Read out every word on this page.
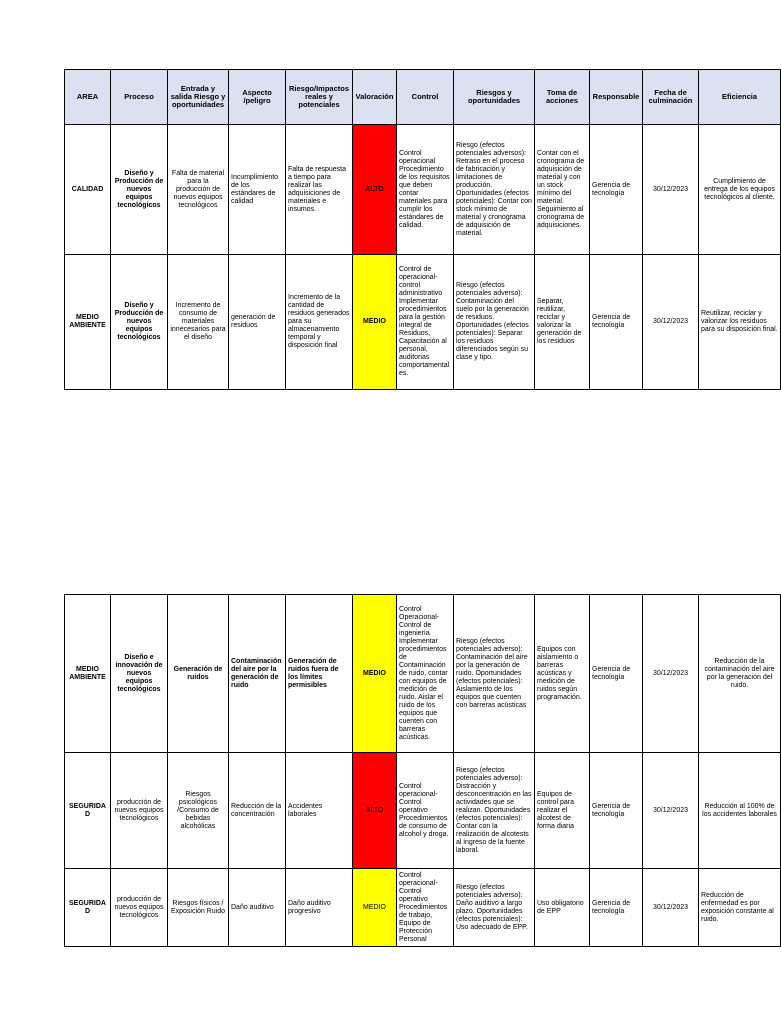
AREA	Proceso	Entrada y salida Riesgo y oportunidades	Aspecto /peligro	Riesgo/Impactos reales y potenciales	Valoración	Control	Riesgos y oportunidades	Toma de acciones	Responsable	Fecha de culminación	Eficiencia
CALIDAD	Diseño y Producción de nuevos equipos tecnológicos	Falta de material para la producción de nuevos equipos tecnológicos	Incumplimiento de los estándares de calidad	Falta de respuesta a tiempo para realizar las adquisiciones de materiales e insumos.	ALTO	Control operacional Procedimiento de los requisitos que deben contar materiales para cumplir los estándares de calidad.	Riesgo (efectos potenciales adversos): Retraso en el proceso de fabricación y limitaciones de producción. Oportunidades (efectos potenciales): Contar con stock mínimo de material y cronograma de adquisición de material.	Contar con el cronograma de adquisición de material y con un stock mínimo del material. Seguimiento al cronograma de adquisiciones.	Gerencia de tecnología	30/12/2023	Cumplimiento de entrega de los equipos tecnológicos al cliente.
MEDIO AMBIENTE	Diseño y Producción de nuevos equipos tecnológicos	Incremento de consumo de materiales innecesarios para el diseño	generación de residuos	Incremento de la cantidad de residuos generados para su almacenamiento temporal y disposición final	MEDIO	Control de operacional-control administrativo Implementar procedimientos para la gestión integral de Residuos, Capacitación al personal, auditorias comportamentales.	Riesgo (efectos potenciales adverso): Contaminación del suelo por la generación de residuos. Oportunidades (efectos potenciales): Separar los residuos diferenciados según su clase y tipo.	Separar, reutilizar, reciclar y valorizar la generación de los residuos	Gerencia de tecnología	30/12/2023	Reutilizar, reciclar y valorizar los residuos para su disposición final.
MEDIO AMBIENTE	Diseño e innovación de nuevos equipos tecnológicos	Generación de ruidos	Contaminación del aire por la generación de ruido	Generación de ruidos fuera de los límites permisibles	MEDIO	Control Operacional-Control de ingeniería Implementar procedimientos de Contaminación de ruido, contar con equipos de medición de ruido. Aislar el ruido de los equipos que cuenten con barreras acústicas.	Riesgo (efectos potenciales adverso): Contaminación del aire por la generación de ruido. Oportunidades (efectos potenciales): Aislamiento de los equipos que cuenten con barreras acústicas	Equipos con aislamiento o barreras acústicas y medición de ruidos según programación.	Gerencia de tecnología	30/12/2023	Reducción de la contaminación del aire por la generación del ruido.
SEGURIDAD	producción de nuevos equipos tecnológicos	Riesgos psicológicos /Consumo de bebidas alcohólicas	Reducción de la concentración	Accidentes laborales	ALTO	Control operacional-Control operativo Procedimientos de consumo de alcohol y droga.	Riesgo (efectos potenciales adverso): Distracción y desconcentración en las actividades que se realizan. Oportunidades (efectos potenciales): Contar con la realización de alcotests al ingreso de la fuente laboral.	Equipos de control para realizar el alcotest de forma diaria	Gerencia de tecnología	30/12/2023	Reducción al 100% de los accidentes laborales
SEGURIDAD	producción de nuevos equipos tecnológicos	Riesgos físicos / Exposición Ruido	Daño auditivo	Daño auditivo progresivo	MEDIO	Control operacional-Control operativo Procedimientos de trabajo, Equipo de Protección Personal	Riesgo (efectos potenciales adverso): Daño auditivo a largo plazo. Oportunidades (efectos potenciales): Uso adecuado de EPP.	Uso obligatorio de EPP	Gerencia de tecnología	30/12/2023	Reducción de enfermedad es por exposición constante al ruido.
